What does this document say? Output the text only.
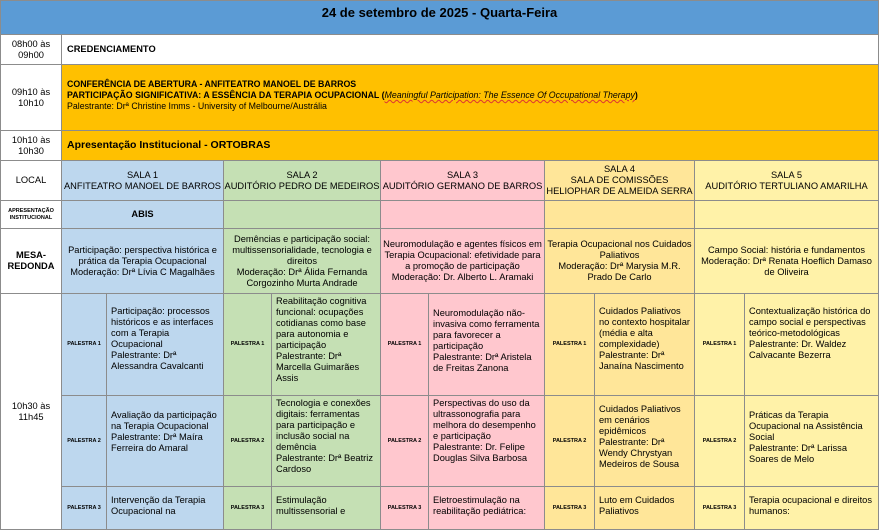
24 de setembro de 2025 - Quarta-Feira
08h00 às 09h00
CREDENCIAMENTO
09h10 às 10h10
CONFERÊNCIA DE ABERTURA - ANFITEATRO MANOEL DE BARROS
PARTICIPAÇÃO SIGNIFICATIVA: A ESSÊNCIA DA TERAPIA OCUPACIONAL (Meaningful Participation: The Essence Of Occupational Therapy)
Palestrante: Drª Christine Imms - University of Melbourne/Austrália
10h10 às 10h30	Apresentação Institucional - ORTOBRAS
LOCAL
APRESENTAÇÃO INSTITUCIONAL
MESA-REDONDA
10h30 às 11h45
SALA 1
ANFITEATRO MANOEL DE BARROS
ABIS
Participação: perspectiva histórica e prática da Terapia Ocupacional
Moderação: Drª Lívia C Magalhães
SALA 2
AUDITÓRIO PEDRO DE MEDEIROS
Demências e participação social: multissensorialidade, tecnologia e direitos
Moderação: Drª Álida Fernanda Corgozinho Murta Andrade
SALA 3
AUDITÓRIO GERMANO DE BARROS
Neuromodulação e agentes físicos em Terapia Ocupacional: efetividade para a promoção de participação
Moderação: Dr. Alberto L. Aramaki
SALA 4
SALA DE COMISSÕES HELIOPHAR DE ALMEIDA SERRA
Terapia Ocupacional nos Cuidados Paliativos
Moderação: Drª Marysia M.R. Prado De Carlo
SALA 5
AUDITÓRIO TERTULIANO AMARILHA
Campo Social: história e fundamentos
Moderação: Drª Renata Hoeflich Damaso de Oliveira
PALESTRA 1
Participação: processos históricos e as interfaces com a Terapia Ocupacional
Palestrante: Drª Alessandra Cavalcanti
PALESTRA 2
Avaliação da participação na Terapia Ocupacional
Palestrante: Drª Maíra Ferreira do Amaral
PALESTRA 3
Intervenção da Terapia Ocupacional na
PALESTRA 1
Reabilitação cognitiva funcional: ocupações cotidianas como base para autonomia e participação
Palestrante: Drª Marcella Guimarães Assis
PALESTRA 2
Tecnologia e conexões digitais: ferramentas para participação e inclusão social na demência
Palestrante: Drª Beatriz Cardoso
PALESTRA 3
Estimulação multissensorial e
PALESTRA 1
Neuromodulação não-invasiva como ferramenta para favorecer a participação
Palestrante: Drª Aristela de Freitas Zanona
PALESTRA 2
Perspectivas do uso da ultrassonografia para melhora do desempenho e participação
Palestrante: Dr. Felipe Douglas Silva Barbosa
PALESTRA 3
Eletroestimulação na reabilitação pediátrica:
PALESTRA 1
Cuidados Paliativos no contexto hospitalar (média e alta complexidade)
Palestrante: Drª Janaína Nascimento
PALESTRA 2
Cuidados Paliativos em cenários epidêmicos
Palestrante: Drª Wendy Chrystyan Medeiros de Sousa
PALESTRA 3
Luto em Cuidados Paliativos
PALESTRA 1
Contextualização histórica do campo social e perspectivas teórico-metodológicas
Palestrante: Dr. Waldez Calvacante Bezerra
PALESTRA 2
Práticas da Terapia Ocupacional na Assistência Social
Palestrante: Drª Larissa Soares de Melo
PALESTRA 3
Terapia ocupacional e direitos humanos:
